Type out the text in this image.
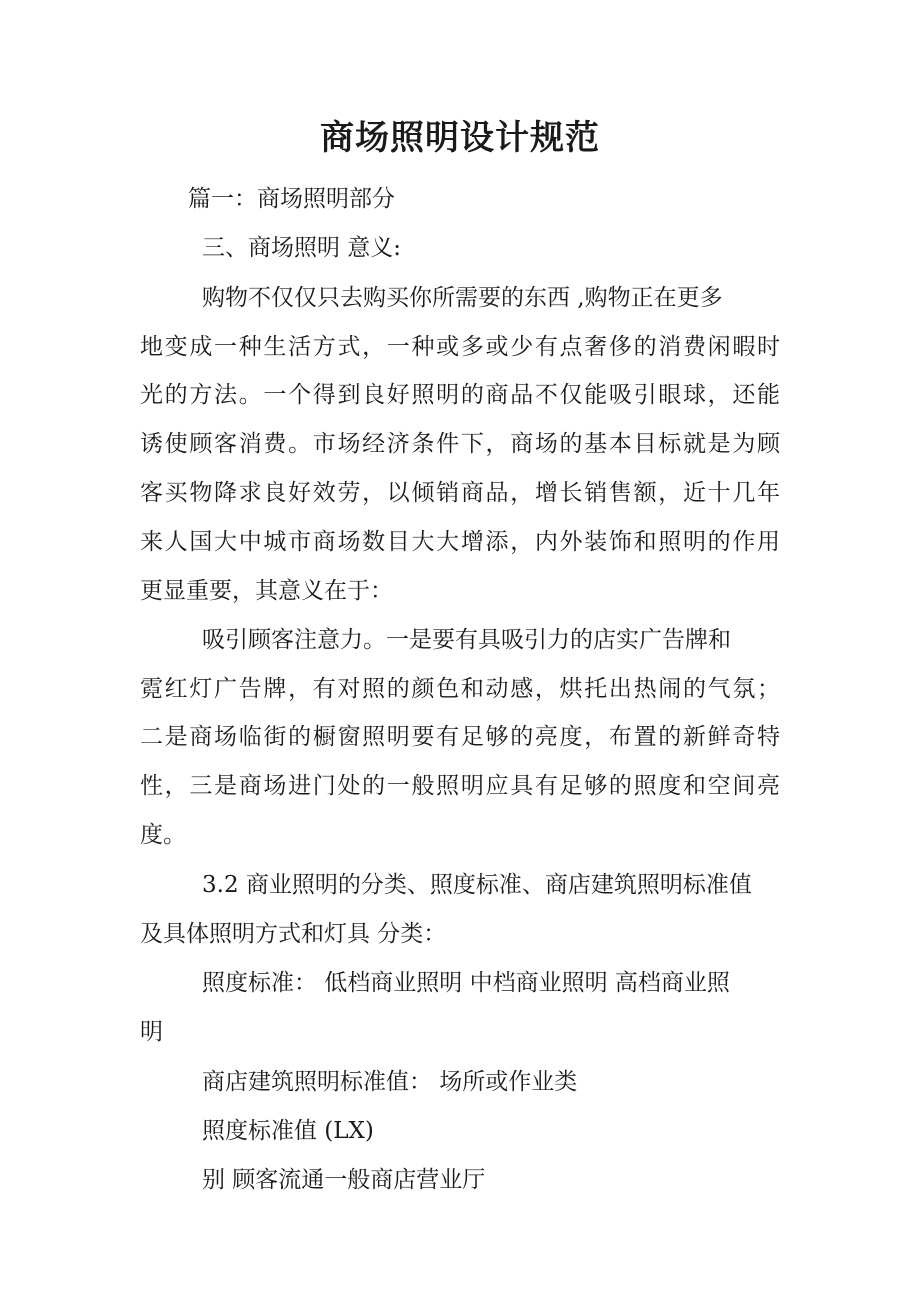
商场照明设计规范

篇一：商场照明部分

三、商场照明 意义:

购物不仅仅只去购买你所需要的东西 ,购物正在更多

地变成一种生活方式，一种或多或少有点奢侈的消费闲暇时

光的方法。一个得到良好照明的商品不仅能吸引眼球，还能

诱使顾客消费。市场经济条件下，商场的基本目标就是为顾

客买物降求良好效劳，以倾销商品，增长销售额，近十几年

来人国大中城市商场数目大大增添，内外装饰和照明的作用

更显重要，其意义在于：

吸引顾客注意力。一是要有具吸引力的店实广告牌和

霓红灯广告牌，有对照的颜色和动感，烘托出热闹的气氛；

二是商场临街的橱窗照明要有足够的亮度，布置的新鲜奇特

性，三是商场进门处的一般照明应具有足够的照度和空间亮

度。

3.2 商业照明的分类、照度标准、商店建筑照明标准值

及具体照明方式和灯具 分类：

照度标准： 低档商业照明 中档商业照明 高档商业照

明

商店建筑照明标准值： 场所或作业类

照度标准值 (LX)

别 顾客流通一般商店营业厅
